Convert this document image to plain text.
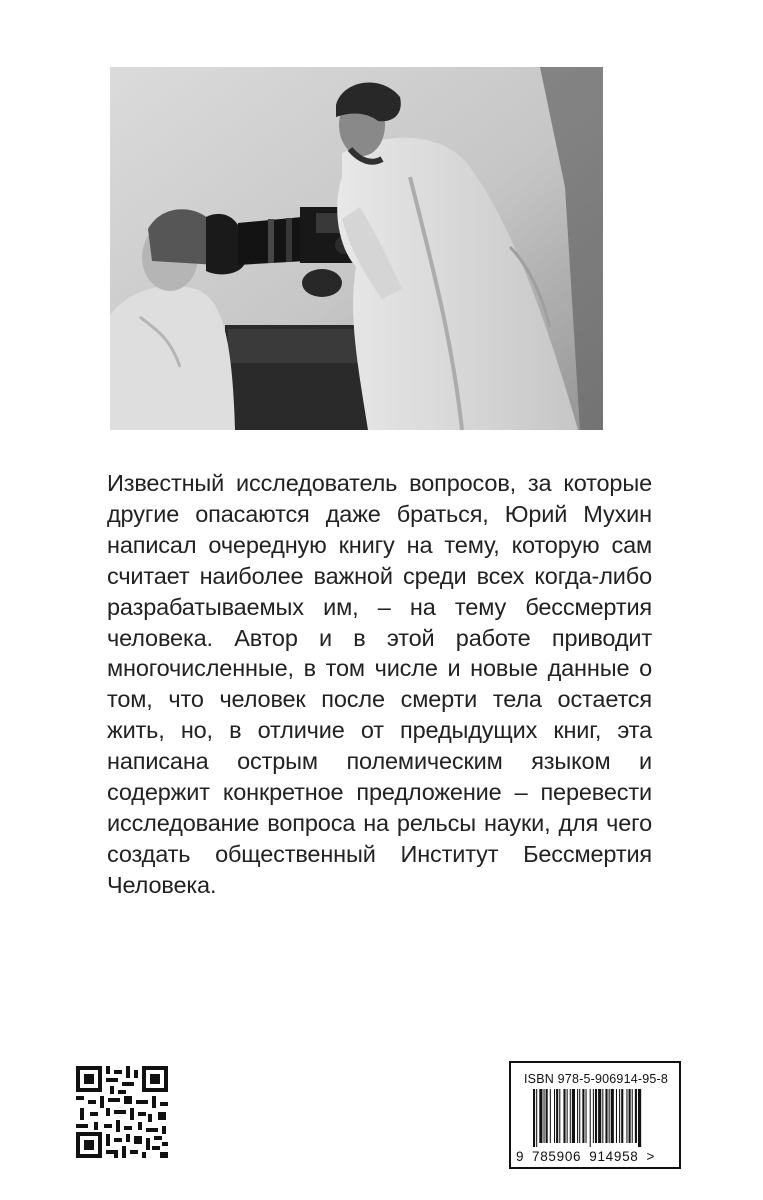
Известный исследователь вопросов, за которые другие опасаются даже браться, Юрий Мухин написал очередную книгу на тему, которую сам считает наиболее важной среди всех когда-либо разрабатываемых им, – на тему бессмертия человека. Автор и в этой работе приводит многочисленные, в том числе и новые данные о том, что человек после смерти тела остается жить, но, в отличие от предыдущих книг, эта написана острым полемическим языком и содержит конкретное предложение – перевести исследование вопроса на рельсы науки, для чего создать общественный Институт Бессмертия Человека.

ISBN 978-5-906914-95-8
9 785906 914958 >
